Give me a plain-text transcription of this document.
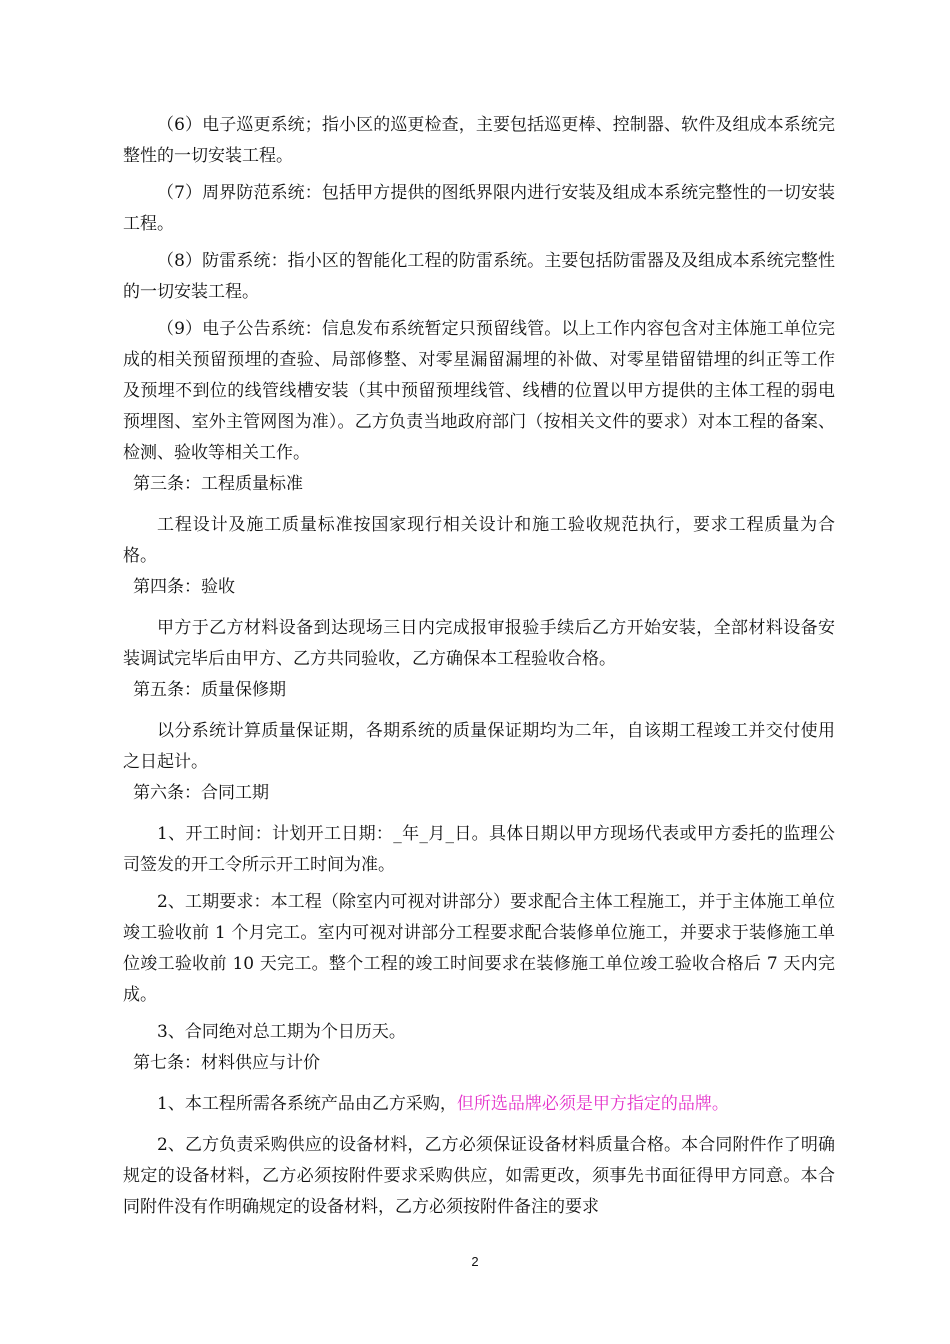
（6）电子巡更系统；指小区的巡更检查，主要包括巡更棒、控制器、软件及组成本系统完整性的一切安装工程。

（7）周界防范系统：包括甲方提供的图纸界限内进行安装及组成本系统完整性的一切安装工程。

（8）防雷系统：指小区的智能化工程的防雷系统。主要包括防雷器及及组成本系统完整性的一切安装工程。

（9）电子公告系统：信息发布系统暂定只预留线管。以上工作内容包含对主体施工单位完成的相关预留预埋的查验、局部修整、对零星漏留漏埋的补做、对零星错留错埋的纠正等工作及预埋不到位的线管线槽安装（其中预留预埋线管、线槽的位置以甲方提供的主体工程的弱电预埋图、室外主管网图为准）。乙方负责当地政府部门（按相关文件的要求）对本工程的备案、检测、验收等相关工作。

第三条：工程质量标准

工程设计及施工质量标准按国家现行相关设计和施工验收规范执行，要求工程质量为合格。

第四条：验收

甲方于乙方材料设备到达现场三日内完成报审报验手续后乙方开始安装，全部材料设备安装调试完毕后由甲方、乙方共同验收，乙方确保本工程验收合格。

第五条：质量保修期

以分系统计算质量保证期，各期系统的质量保证期均为二年，自该期工程竣工并交付使用之日起计。

第六条：合同工期

1、开工时间：计划开工日期：_年_月_日。具体日期以甲方现场代表或甲方委托的监理公司签发的开工令所示开工时间为准。

2、工期要求：本工程（除室内可视对讲部分）要求配合主体工程施工，并于主体施工单位竣工验收前 1 个月完工。室内可视对讲部分工程要求配合装修单位施工，并要求于装修施工单位竣工验收前 10 天完工。整个工程的竣工时间要求在装修施工单位竣工验收合格后 7 天内完成。

3、合同绝对总工期为个日历天。

第七条：材料供应与计价

1、本工程所需各系统产品由乙方采购，但所选品牌必须是甲方指定的品牌。

2、乙方负责采购供应的设备材料，乙方必须保证设备材料质量合格。本合同附件作了明确规定的设备材料，乙方必须按附件要求采购供应，如需更改，须事先书面征得甲方同意。本合同附件没有作明确规定的设备材料，乙方必须按附件备注的要求

2
